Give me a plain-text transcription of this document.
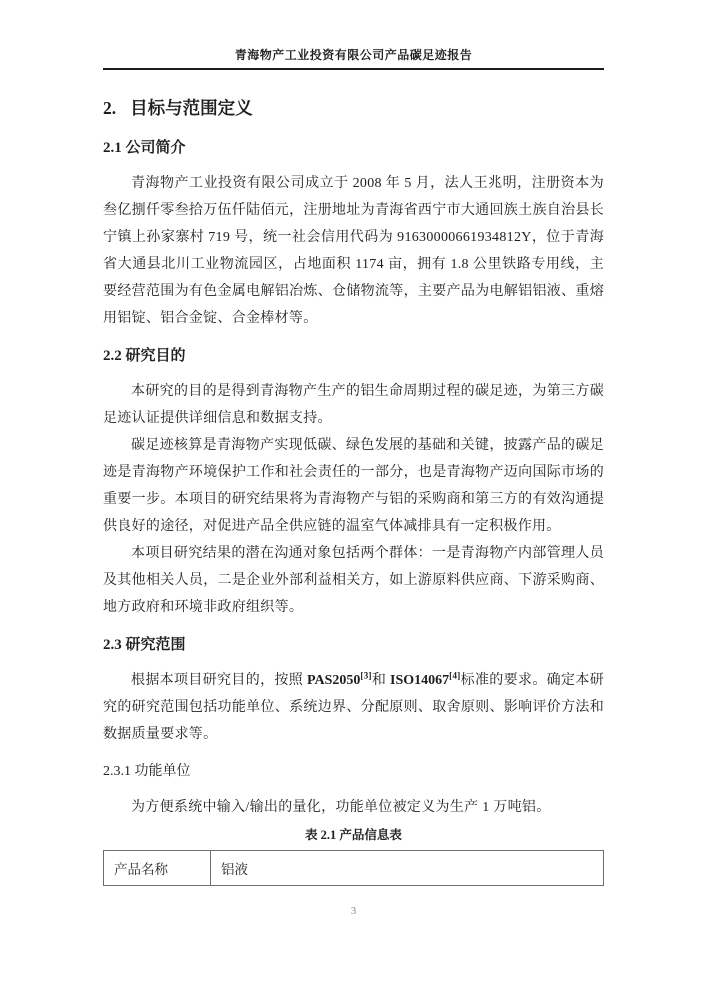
青海物产工业投资有限公司产品碳足迹报告
2. 目标与范围定义
2.1 公司简介

青海物产工业投资有限公司成立于 2008 年 5 月，法人王兆明，注册资本为叁亿捌仟零叁拾万伍仟陆佰元，注册地址为青海省西宁市大通回族土族自治县长宁镇上孙家寨村 719 号，统一社会信用代码为 91630000661934812Y，位于青海省大通县北川工业物流园区，占地面积 1174 亩，拥有 1.8 公里铁路专用线，主要经营范围为有色金属电解铝冶炼、仓储物流等，主要产品为电解铝铝液、重熔用铝锭、铝合金锭、合金棒材等。

2.2 研究目的

本研究的目的是得到青海物产生产的铝生命周期过程的碳足迹，为第三方碳足迹认证提供详细信息和数据支持。

碳足迹核算是青海物产实现低碳、绿色发展的基础和关键，披露产品的碳足迹是青海物产环境保护工作和社会责任的一部分，也是青海物产迈向国际市场的重要一步。本项目的研究结果将为青海物产与铝的采购商和第三方的有效沟通提供良好的途径，对促进产品全供应链的温室气体减排具有一定积极作用。

本项目研究结果的潜在沟通对象包括两个群体：一是青海物产内部管理人员及其他相关人员，二是企业外部利益相关方，如上游原料供应商、下游采购商、地方政府和环境非政府组织等。

2.3 研究范围

根据本项目研究目的，按照 PAS2050[3]和 ISO14067[4]标准的要求。确定本研究的研究范围包括功能单位、系统边界、分配原则、取舍原则、影响评价方法和数据质量要求等。

2.3.1 功能单位

为方便系统中输入/输出的量化，功能单位被定义为生产 1 万吨铝。

表 2.1 产品信息表
产品名称	铝液
3
